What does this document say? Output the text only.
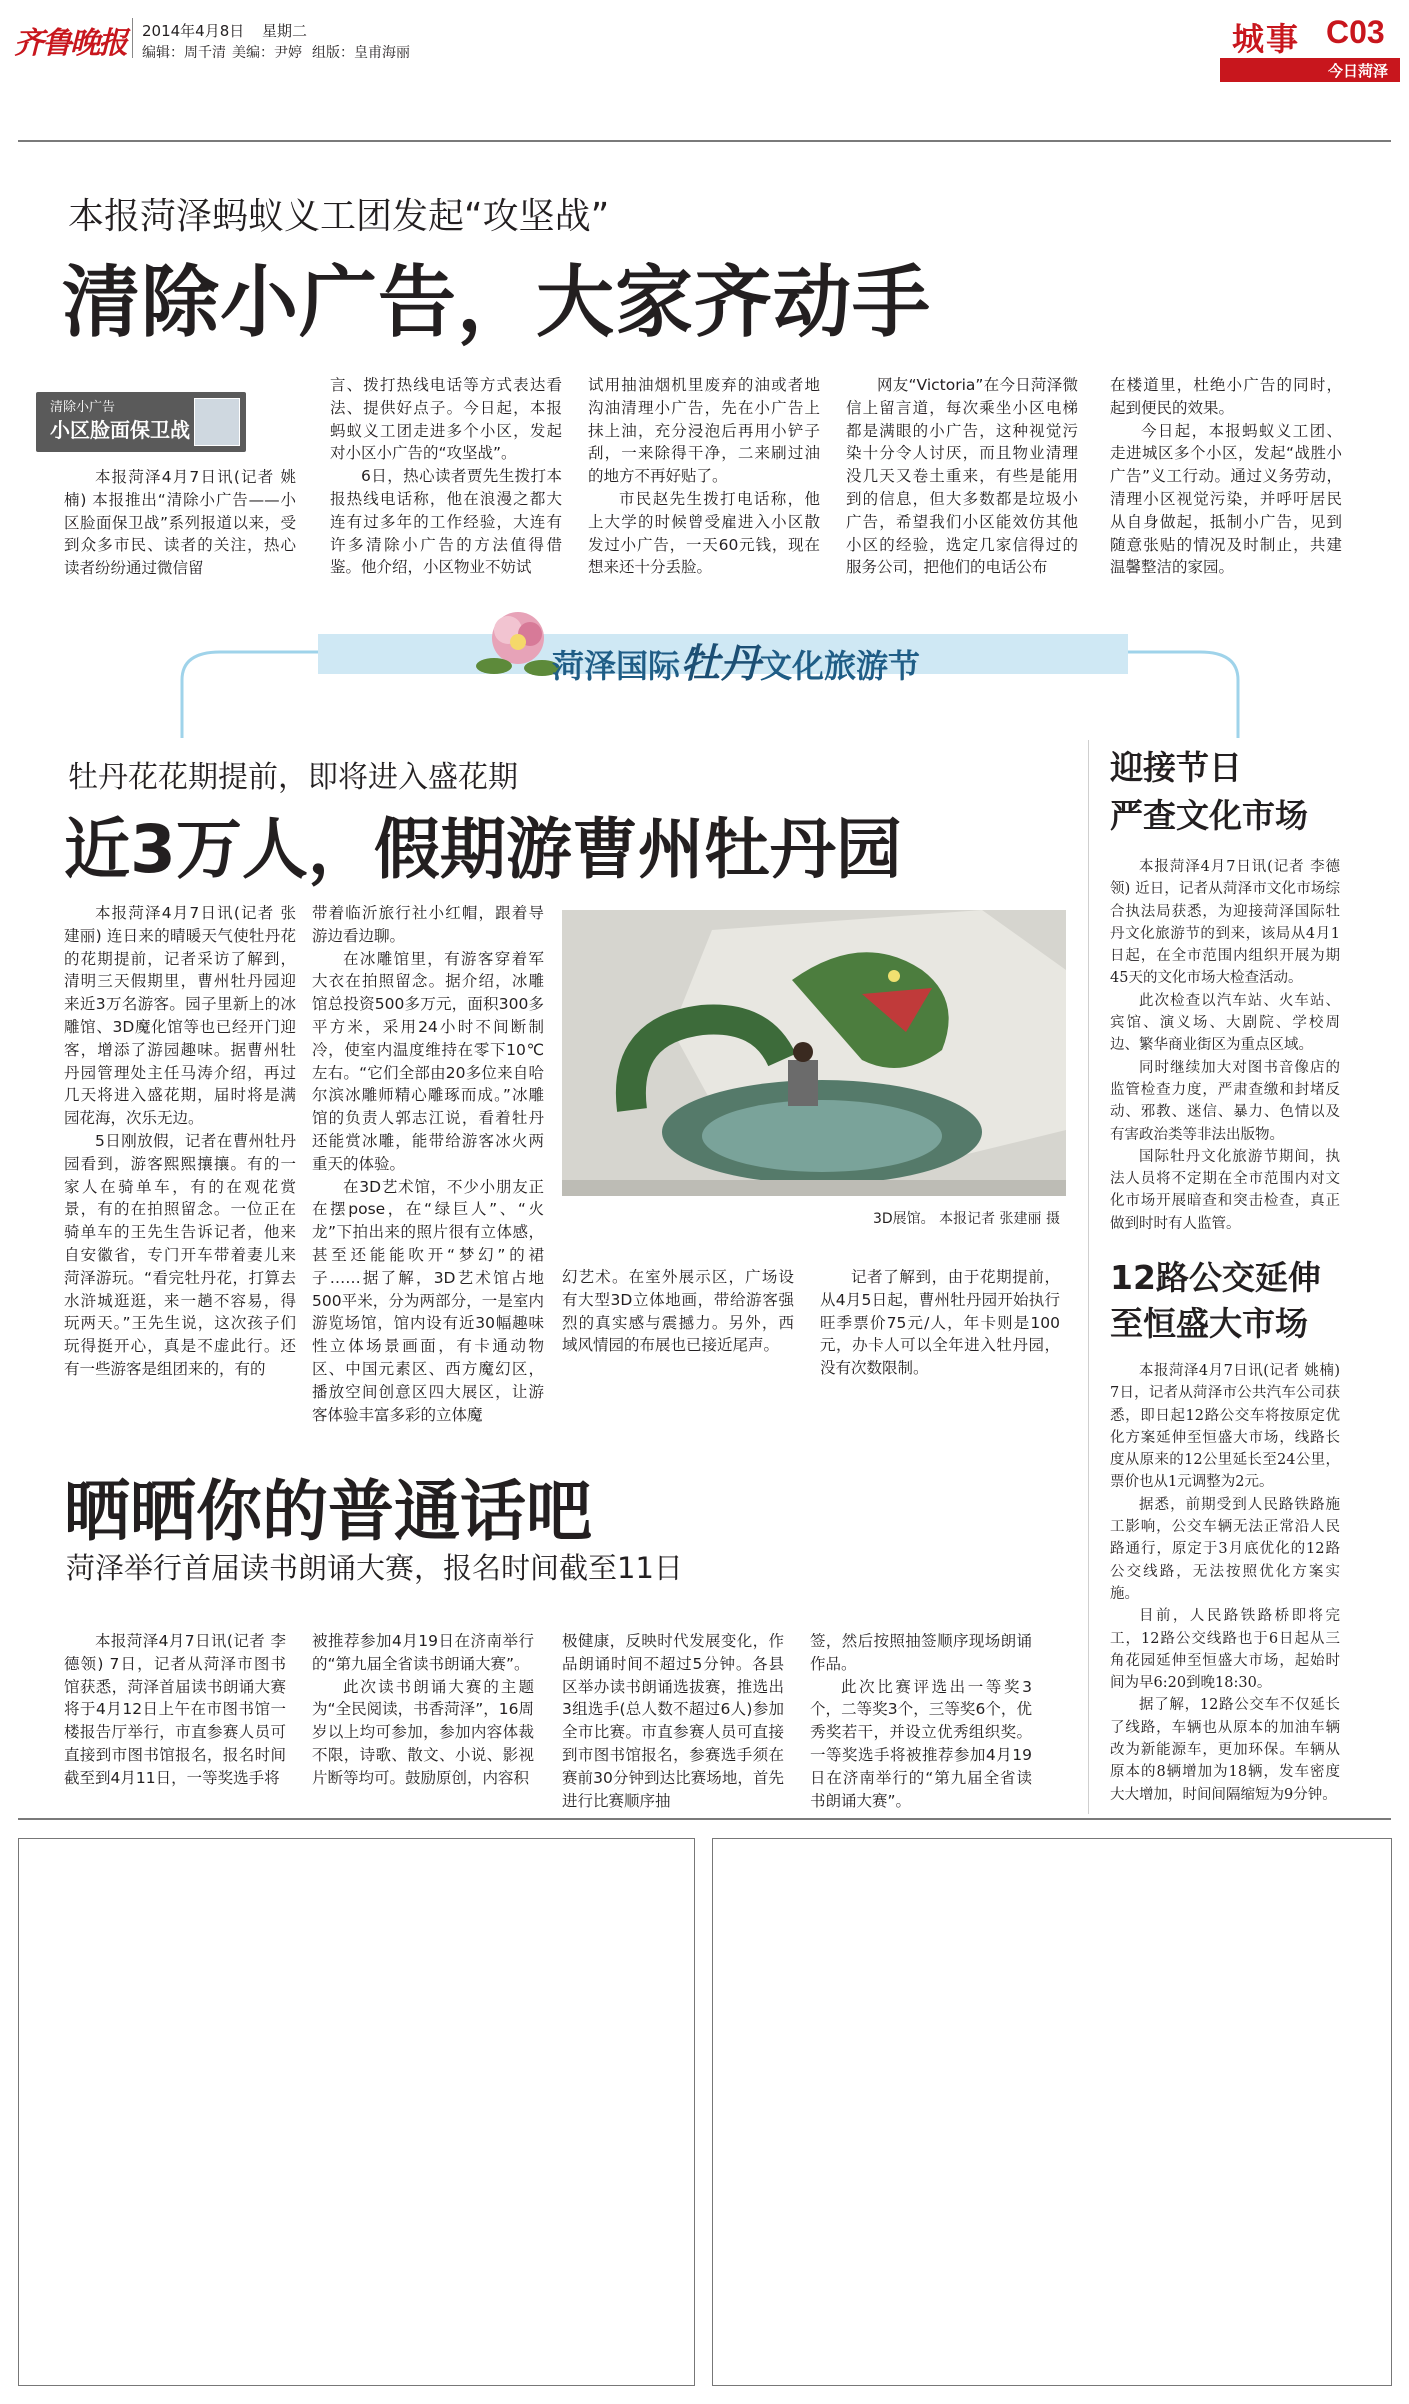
齐鲁晚报 2014年4月8日 星期二
编辑：周千清 美编：尹婷 组版：皇甫海丽	城事 C03
今日菏泽
本报菏泽蚂蚁义工团发起“攻坚战”
清除小广告，大家齐动手
清除小广告
小区脸面保卫战

本报菏泽4月7日讯(记者 姚楠) 本报推出“清除小广告——小区脸面保卫战”系列报道以来，受到众多市民、读者的关注，热心读者纷纷通过微信留

言、拨打热线电话等方式表达看法、提供好点子。今日起，本报蚂蚁义工团走进多个小区，发起对小区小广告的“攻坚战”。

6日，热心读者贾先生拨打本报热线电话称，他在浪漫之都大连有过多年的工作经验，大连有许多清除小广告的方法值得借鉴。他介绍，小区物业不妨试

试用抽油烟机里废弃的油或者地沟油清理小广告，先在小广告上抹上油，充分浸泡后再用小铲子刮，一来除得干净，二来刷过油的地方不再好贴了。

市民赵先生拨打电话称，他上大学的时候曾受雇进入小区散发过小广告，一天60元钱，现在想来还十分丢脸。

网友“Victoria”在今日菏泽微信上留言道，每次乘坐小区电梯都是满眼的小广告，这种视觉污染十分令人讨厌，而且物业清理没几天又卷土重来，有些是能用到的信息，但大多数都是垃圾小广告，希望我们小区能效仿其他小区的经验，选定几家信得过的服务公司，把他们的电话公布

在楼道里，杜绝小广告的同时，起到便民的效果。

今日起，本报蚂蚁义工团、走进城区多个小区，发起“战胜小广告”义工行动。通过义务劳动，清理小区视觉污染，并呼吁居民从自身做起，抵制小广告，见到随意张贴的情况及时制止，共建温馨整洁的家园。

菏泽国际牡丹文化旅游节
牡丹花花期提前，即将进入盛花期
近3万人，假期游曹州牡丹园

本报菏泽4月7日讯(记者 张建丽) 连日来的晴暖天气使牡丹花的花期提前，记者采访了解到，清明三天假期里，曹州牡丹园迎来近3万名游客。园子里新上的冰雕馆、3D魔化馆等也已经开门迎客，增添了游园趣味。据曹州牡丹园管理处主任马涛介绍，再过几天将进入盛花期，届时将是满园花海，次乐无边。

5日刚放假，记者在曹州牡丹园看到，游客熙熙攘攘。有的一家人在骑单车，有的在观花赏景，有的在拍照留念。一位正在骑单车的王先生告诉记者，他来自安徽省，专门开车带着妻儿来菏泽游玩。“看完牡丹花，打算去水浒城逛逛，来一趟不容易，得玩两天。”王先生说，这次孩子们玩得挺开心，真是不虚此行。还有一些游客是组团来的，有的

带着临沂旅行社小红帽，跟着导游边看边聊。

在冰雕馆里，有游客穿着军大衣在拍照留念。据介绍，冰雕馆总投资500多万元，面积300多平方米，采用24小时不间断制冷，使室内温度维持在零下10℃左右。“它们全部由20多位来自哈尔滨冰雕师精心雕琢而成。”冰雕馆的负责人郭志江说，看着牡丹还能赏冰雕，能带给游客冰火两重天的体验。

在3D艺术馆，不少小朋友正在摆pose，在“绿巨人”、“火龙”下拍出来的照片很有立体感，甚至还能能吹开“梦幻”的裙子……据了解，3D艺术馆占地500平米，分为两部分，一是室内游览场馆，馆内设有近30幅趣味性立体场景画面，有卡通动物区、中国元素区、西方魔幻区，播放空间创意区四大展区，让游客体验丰富多彩的立体魔

3D展馆。 本报记者 张建丽 摄

幻艺术。在室外展示区，广场设有大型3D立体地画，带给游客强烈的真实感与震撼力。另外，西域风情园的布展也已接近尾声。

记者了解到，由于花期提前，从4月5日起，曹州牡丹园开始执行旺季票价75元/人，年卡则是100元，办卡人可以全年进入牡丹园，没有次数限制。

迎接节日
严查文化市场

本报菏泽4月7日讯(记者 李德领) 近日，记者从菏泽市文化市场综合执法局获悉，为迎接菏泽国际牡丹文化旅游节的到来，该局从4月1日起，在全市范围内组织开展为期45天的文化市场大检查活动。

此次检查以汽车站、火车站、宾馆、演义场、大剧院、学校周边、繁华商业街区为重点区域。

同时继续加大对图书音像店的监管检查力度，严肃查缴和封堵反动、邪教、迷信、暴力、色情以及有害政治类等非法出版物。

国际牡丹文化旅游节期间，执法人员将不定期在全市范围内对文化市场开展暗查和突击检查，真正做到时时有人监管。

12路公交延伸
至恒盛大市场

本报菏泽4月7日讯(记者 姚楠) 7日，记者从菏泽市公共汽车公司获悉，即日起12路公交车将按原定优化方案延伸至恒盛大市场，线路长度从原来的12公里延长至24公里，票价也从1元调整为2元。

据悉，前期受到人民路铁路施工影响，公交车辆无法正常沿人民路通行，原定于3月底优化的12路公交线路，无法按照优化方案实施。

目前，人民路铁路桥即将完工，12路公交线路也于6日起从三角花园延伸至恒盛大市场，起始时间为早6:20到晚18:30。

据了解，12路公交车不仅延长了线路，车辆也从原本的加油车辆改为新能源车，更加环保。车辆从原本的8辆增加为18辆，发车密度大大增加，时间间隔缩短为9分钟。

晒晒你的普通话吧
菏泽举行首届读书朗诵大赛，报名时间截至11日

本报菏泽4月7日讯(记者 李德领) 7日，记者从菏泽市图书馆获悉，菏泽首届读书朗诵大赛将于4月12日上午在市图书馆一楼报告厅举行，市直参赛人员可直接到市图书馆报名，报名时间截至到4月11日，一等奖选手将

被推荐参加4月19日在济南举行的“第九届全省读书朗诵大赛”。

此次读书朗诵大赛的主题为“全民阅读，书香菏泽”，16周岁以上均可参加，参加内容体裁不限，诗歌、散文、小说、影视片断等均可。鼓励原创，内容积

极健康，反映时代发展变化，作品朗诵时间不超过5分钟。各县区举办读书朗诵选拔赛，推选出3组选手(总人数不超过6人)参加全市比赛。市直参赛人员可直接到市图书馆报名，参赛选手须在赛前30分钟到达比赛场地，首先进行比赛顺序抽

签，然后按照抽签顺序现场朗诵作品。

此次比赛评选出一等奖3个，二等奖3个，三等奖6个，优秀奖若干，并设立优秀组织奖。一等奖选手将被推荐参加4月19日在济南举行的“第九届全省读书朗诵大赛”。
